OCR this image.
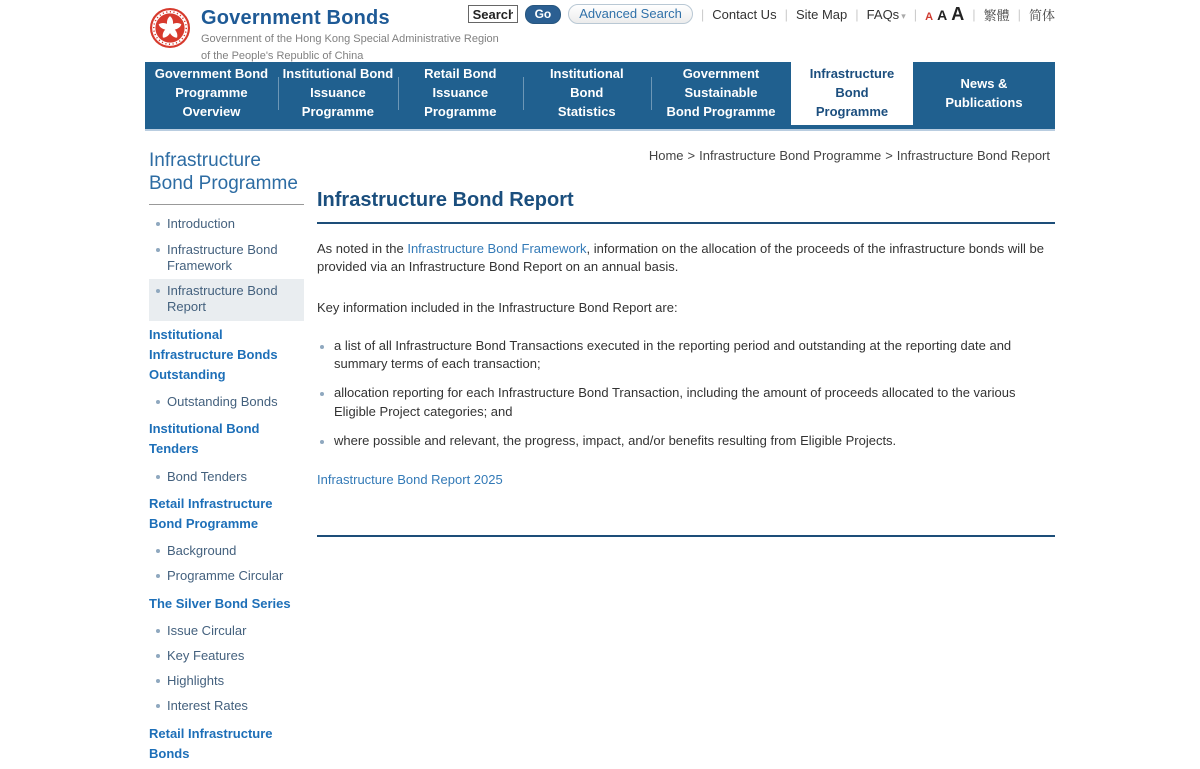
Government Bonds
Government of the Hong Kong Special Administrative Region
of the People's Republic of China
Search
Go	Advanced Search	| Contact Us | Site Map | FAQs ▾ | A A A | 繁體 | 简体
Government Bond
Programme
Overview
Institutional Bond
Issuance
Programme
Retail Bond
Issuance
Programme
Institutional
Bond
Statistics
Government
Sustainable
Bond Programme
Infrastructure
Bond
Programme
News &
Publications
Home > Infrastructure Bond Programme > Infrastructure Bond Report
Infrastructure Bond Programme
Introduction
Infrastructure Bond Framework
Infrastructure Bond Report
Institutional Infrastructure Bonds Outstanding
Outstanding Bonds
Institutional Bond Tenders
Bond Tenders
Retail Infrastructure Bond Programme
Background
Programme Circular
The Silver Bond Series
Issue Circular
Key Features
Highlights
Interest Rates
Retail Infrastructure Bonds
Infrastructure Bond Report

As noted in the Infrastructure Bond Framework, information on the allocation of the proceeds of the infrastructure bonds will be provided via an Infrastructure Bond Report on an annual basis.

Key information included in the Infrastructure Bond Report are:

a list of all Infrastructure Bond Transactions executed in the reporting period and outstanding at the reporting date and summary terms of each transaction;
allocation reporting for each Infrastructure Bond Transaction, including the amount of proceeds allocated to the various Eligible Project categories; and
where possible and relevant, the progress, impact, and/or benefits resulting from Eligible Projects.

Infrastructure Bond Report 2025
